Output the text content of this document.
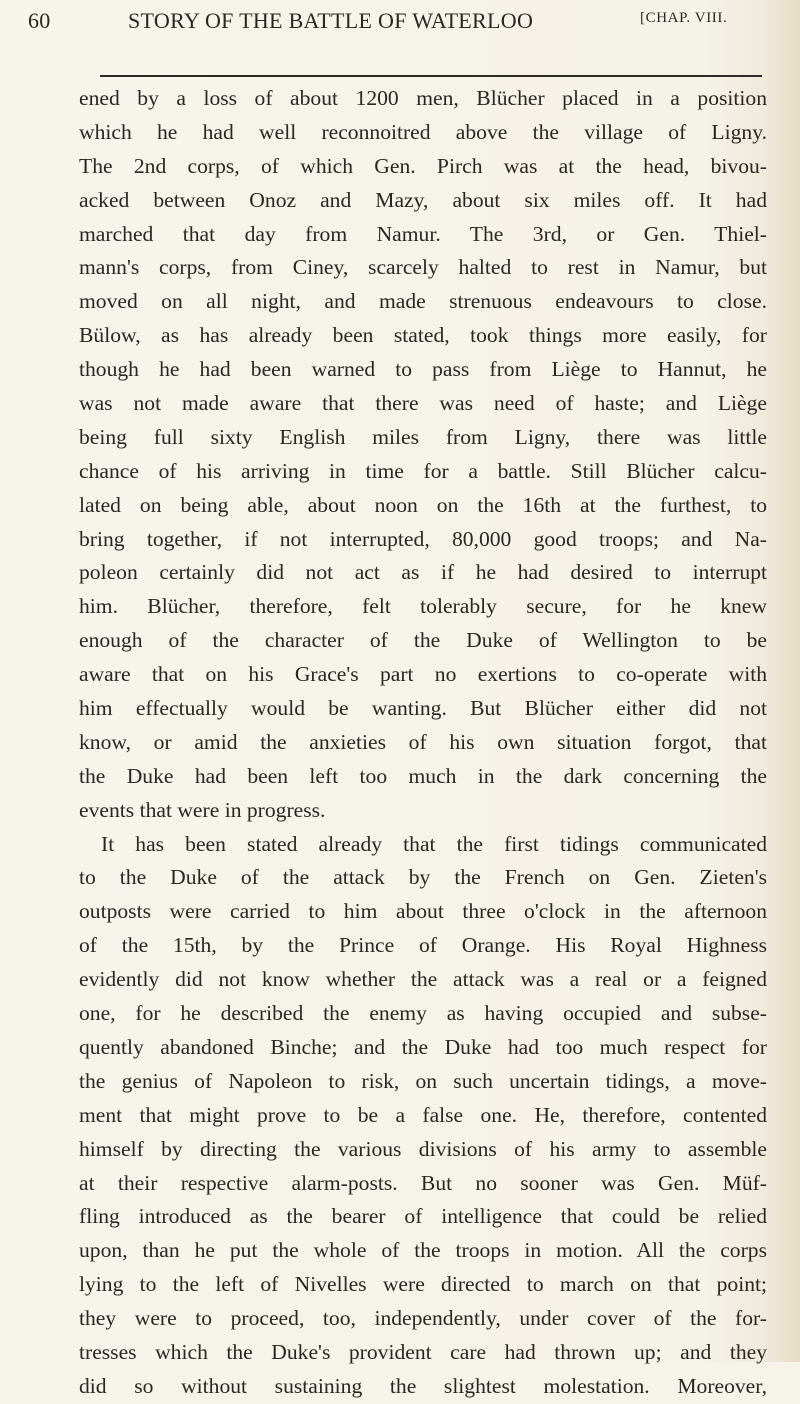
60	STORY OF THE BATTLE OF WATERLOO	[CHAP. VIII.
ened by a loss of about 1200 men, Blücher placed in a position
which he had well reconnoitred above the village of Ligny.
The 2nd corps, of which Gen. Pirch was at the head, bivou-
acked between Onoz and Mazy, about six miles off. It had
marched that day from Namur. The 3rd, or Gen. Thiel-
mann's corps, from Ciney, scarcely halted to rest in Namur, but
moved on all night, and made strenuous endeavours to close.
Bülow, as has already been stated, took things more easily, for
though he had been warned to pass from Liège to Hannut, he
was not made aware that there was need of haste; and Liège
being full sixty English miles from Ligny, there was little
chance of his arriving in time for a battle. Still Blücher calcu-
lated on being able, about noon on the 16th at the furthest, to
bring together, if not interrupted, 80,000 good troops; and Na-
poleon certainly did not act as if he had desired to interrupt
him. Blücher, therefore, felt tolerably secure, for he knew
enough of the character of the Duke of Wellington to be
aware that on his Grace's part no exertions to co-operate with
him effectually would be wanting. But Blücher either did not
know, or amid the anxieties of his own situation forgot, that
the Duke had been left too much in the dark concerning the
events that were in progress.
It has been stated already that the first tidings communicated
to the Duke of the attack by the French on Gen. Zieten's
outposts were carried to him about three o'clock in the afternoon
of the 15th, by the Prince of Orange. His Royal Highness
evidently did not know whether the attack was a real or a feigned
one, for he described the enemy as having occupied and subse-
quently abandoned Binche; and the Duke had too much respect for
the genius of Napoleon to risk, on such uncertain tidings, a move-
ment that might prove to be a false one. He, therefore, contented
himself by directing the various divisions of his army to assemble
at their respective alarm-posts. But no sooner was Gen. Müf-
fling introduced as the bearer of intelligence that could be relied
upon, than he put the whole of the troops in motion. All the corps
lying to the left of Nivelles were directed to march on that point;
they were to proceed, too, independently, under cover of the for-
tresses which the Duke's provident care had thrown up; and they
did so without sustaining the slightest molestation. Moreover,
